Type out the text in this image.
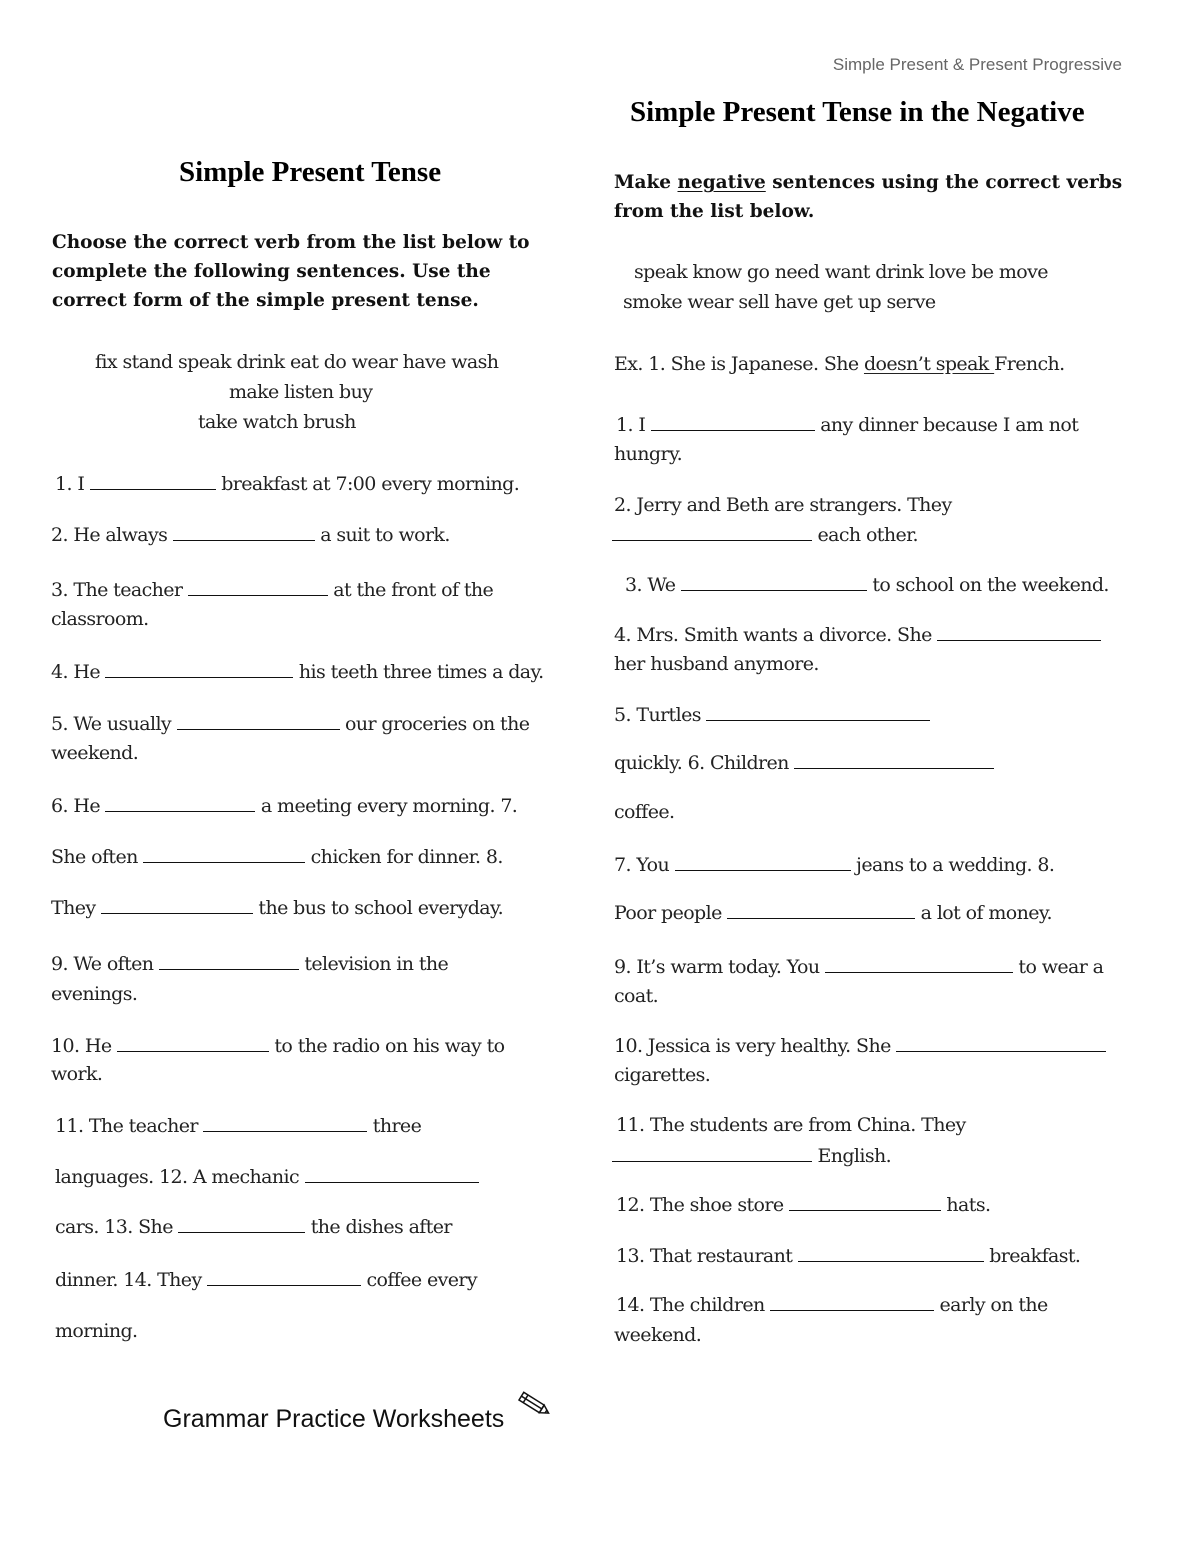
Simple Present & Present Progressive
Simple Present Tense
Choose the correct verb from the list below to complete the following sentences. Use the correct form of the simple present tense.
fix stand speak drink eat do wear have wash
make listen buy
take watch brush
1. I	breakfast at 7:00 every morning.
2. He always	a suit to work.
3. The teacher	at the front of the
classroom.
4. He	his teeth three times a day.
5. We usually	our groceries on the
weekend.
6. He	a meeting every morning. 7.
She often	chicken for dinner. 8.
They	the bus to school everyday.
9. We often	television in the
evenings.
10. He	to the radio on his way to
work.
11. The teacher	three
languages. 12. A mechanic
cars. 13. She	the dishes after
dinner. 14. They	coffee every
morning.
Simple Present Tense in the Negative
Make negative sentences using the correct verbs from the list below.
speak know go need want drink love be move
smoke wear sell have get up serve
Ex. 1. She is Japanese. She doesn’t speak French.
1. I	any dinner because I am not
hungry.
2. Jerry and Beth are strangers. They
each other.
3. We	to school on the weekend.
4. Mrs. Smith wants a divorce. She
her husband anymore.
5. Turtles
quickly. 6. Children
coffee.
7. You	jeans to a wedding. 8.
Poor people	a lot of money.
9. It’s warm today. You	to wear a
coat.
10. Jessica is very healthy. She
cigarettes.
11. The students are from China. They
English.
12. The shoe store	hats.
13. That restaurant	breakfast.
14. The children	early on the
weekend.
Grammar Practice Worksheets
